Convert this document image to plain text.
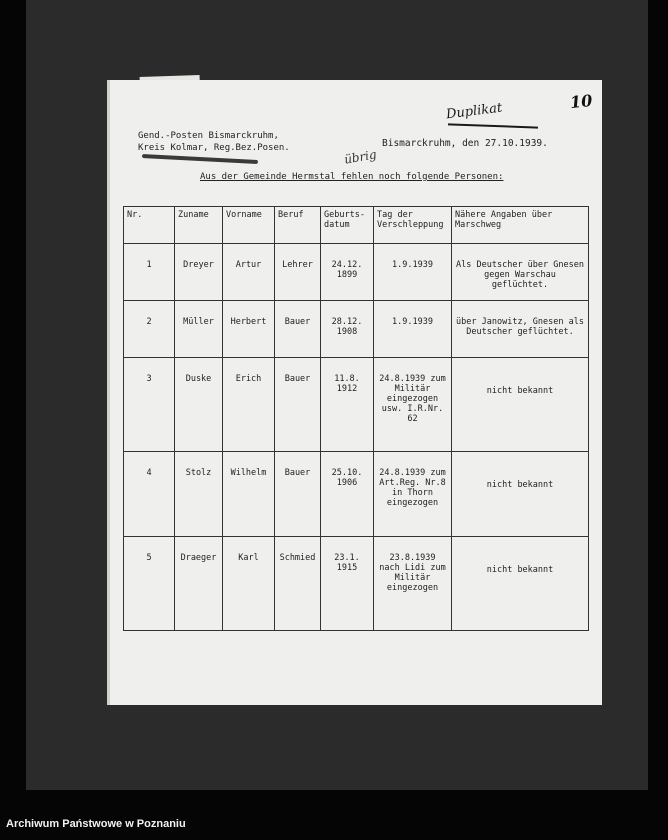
Duplikat	10
Gend.-Posten Bismarckruhm,
Kreis Kolmar, Reg.Bez.Posen.	Bismarckruhm, den 27.10.1939.
übrig
Aus der Gemeinde Hermstal fehlen noch folgende Personen:
Nr.	Zuname	Vorname	Beruf	Geburts-datum	Tag der Verschleppung	Nähere Angaben über Marschweg
1	Dreyer	Artur	Lehrer	24.12. 1899	1.9.1939	Als Deutscher über Gnesen gegen Warschau geflüchtet.
2	Müller	Herbert	Bauer	28.12. 1908	1.9.1939	über Janowitz, Gnesen als Deutscher geflüchtet.
3	Duske	Erich	Bauer	11.8. 1912	24.8.1939 zum Militär eingezogen usw. I.R.Nr. 62	nicht bekannt
4	Stolz	Wilhelm	Bauer	25.10. 1906	24.8.1939 zum Art.Reg. Nr.8 in Thorn eingezogen	nicht bekannt
5	Draeger	Karl	Schmied	23.1. 1915	23.8.1939 nach Lidi zum Militär eingezogen	nicht bekannt
Archiwum Państwowe w Poznaniu
